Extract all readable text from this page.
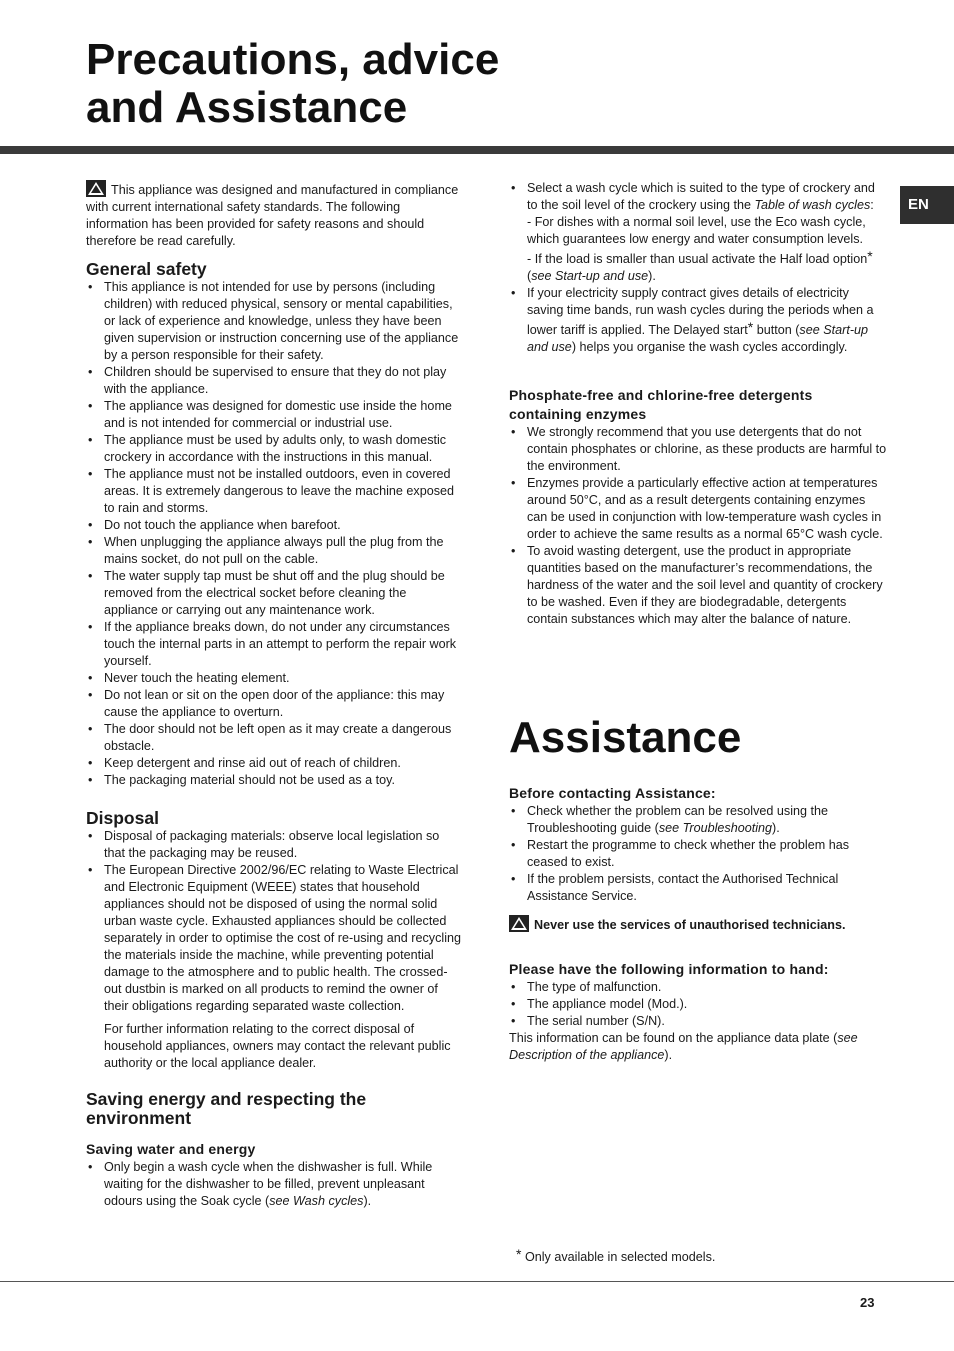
Precautions, advice
and Assistance
EN

This appliance was designed and manufactured in compliance with current international safety standards. The following information has been provided for safety reasons and should therefore be read carefully.

General safety
• This appliance is not intended for use by persons (including children) with reduced physical, sensory or mental capabilities, or lack of experience and knowledge, unless they have been given supervision or instruction concerning use of the appliance by a person responsible for their safety.
• Children should be supervised to ensure that they do not play with the appliance.
• The appliance was designed for domestic use inside the home and is not intended for commercial or industrial use.
• The appliance must be used by adults only, to wash domestic crockery in accordance with the instructions in this manual.
• The appliance must not be installed outdoors, even in covered areas. It is extremely dangerous to leave the machine exposed to rain and storms.
• Do not touch the appliance when barefoot.
• When unplugging the appliance always pull the plug from the mains socket, do not pull on the cable.
• The water supply tap must be shut off and the plug should be removed from the electrical socket before cleaning the appliance or carrying out any maintenance work.
• If the appliance breaks down, do not under any circumstances touch the internal parts in an attempt to perform the repair work yourself.
• Never touch the heating element.
• Do not lean or sit on the open door of the appliance: this may cause the appliance to overturn.
• The door should not be left open as it may create a dangerous obstacle.
• Keep detergent and rinse aid out of reach of children.
• The packaging material should not be used as a toy.
Disposal
• Disposal of packaging materials: observe local legislation so that the packaging may be reused.
• The European Directive 2002/96/EC relating to Waste Electrical and Electronic Equipment (WEEE) states that household appliances should not be disposed of using the normal solid urban waste cycle. Exhausted appliances should be collected separately in order to optimise the cost of re-using and recycling the materials inside the machine, while preventing potential damage to the atmosphere and to public health. The crossed-out dustbin is marked on all products to remind the owner of their obligations regarding separated waste collection.

For further information relating to the correct disposal of household appliances, owners may contact the relevant public authority or the local appliance dealer.

Saving energy and respecting the environment
Saving water and energy
• Only begin a wash cycle when the dishwasher is full. While waiting for the dishwasher to be filled, prevent unpleasant odours using the Soak cycle (see Wash cycles).
• Select a wash cycle which is suited to the type of crockery and to the soil level of the crockery using the Table of wash cycles:
- For dishes with a normal soil level, use the Eco wash cycle, which guarantees low energy and water consumption levels.
- If the load is smaller than usual activate the Half load option* (see Start-up and use).
• If your electricity supply contract gives details of electricity saving time bands, run wash cycles during the periods when a lower tariff is applied. The Delayed start* button (see Start-up and use) helps you organise the wash cycles accordingly.
Phosphate-free and chlorine-free detergents containing enzymes
• We strongly recommend that you use detergents that do not contain phosphates or chlorine, as these products are harmful to the environment.
• Enzymes provide a particularly effective action at temperatures around 50°C, and as a result detergents containing enzymes can be used in conjunction with low-temperature wash cycles in order to achieve the same results as a normal 65°C wash cycle.
• To avoid wasting detergent, use the product in appropriate quantities based on the manufacturer’s recommendations, the hardness of the water and the soil level and quantity of crockery to be washed. Even if they are biodegradable, detergents contain substances which may alter the balance of nature.
Assistance
Before contacting Assistance:
• Check whether the problem can be resolved using the Troubleshooting guide (see Troubleshooting).
• Restart the programme to check whether the problem has ceased to exist.
• If the problem persists, contact the Authorised Technical Assistance Service.

Never use the services of unauthorised technicians.

Please have the following information to hand:
• The type of malfunction.
• The appliance model (Mod.).
• The serial number (S/N).

This information can be found on the appliance data plate (see Description of the appliance).

* Only available in selected models.
23
